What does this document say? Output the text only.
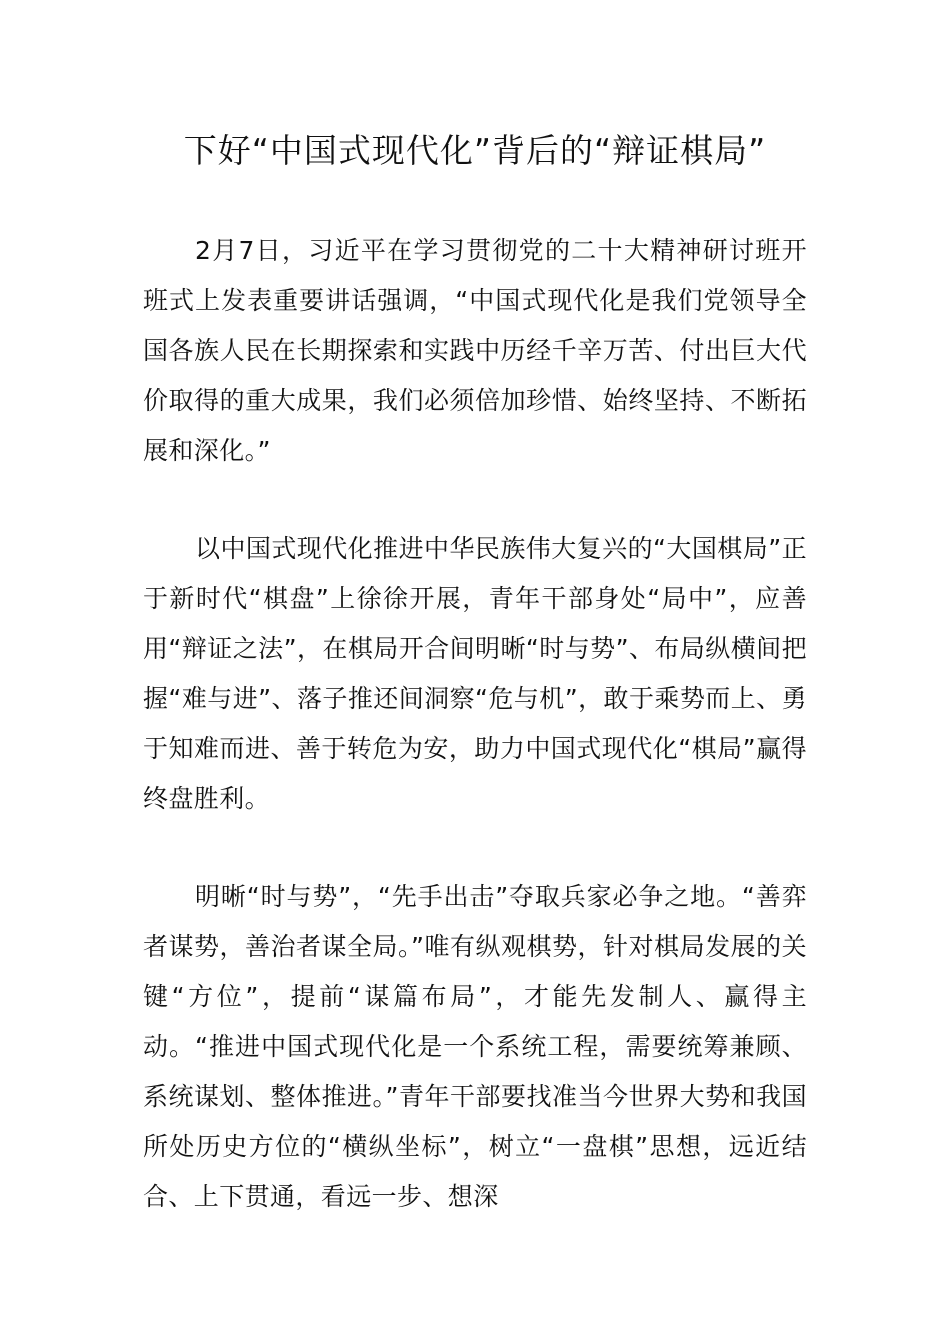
下好“中国式现代化”背后的“辩证棋局”

2月7日，习近平在学习贯彻党的二十大精神研讨班开班式上发表重要讲话强调，“中国式现代化是我们党领导全国各族人民在长期探索和实践中历经千辛万苦、付出巨大代价取得的重大成果，我们必须倍加珍惜、始终坚持、不断拓展和深化。”

以中国式现代化推进中华民族伟大复兴的“大国棋局”正于新时代“棋盘”上徐徐开展，青年干部身处“局中”，应善用“辩证之法”，在棋局开合间明晰“时与势”、布局纵横间把握“难与进”、落子推还间洞察“危与机”，敢于乘势而上、勇于知难而进、善于转危为安，助力中国式现代化“棋局”赢得终盘胜利。

明晰“时与势”，“先手出击”夺取兵家必争之地。“善弈者谋势，善治者谋全局。”唯有纵观棋势，针对棋局发展的关键“方位”，提前“谋篇布局”，才能先发制人、赢得主动。“推进中国式现代化是一个系统工程，需要统筹兼顾、系统谋划、整体推进。”青年干部要找准当今世界大势和我国所处历史方位的“横纵坐标”，树立“一盘棋”思想，远近结合、上下贯通，看远一步、想深
